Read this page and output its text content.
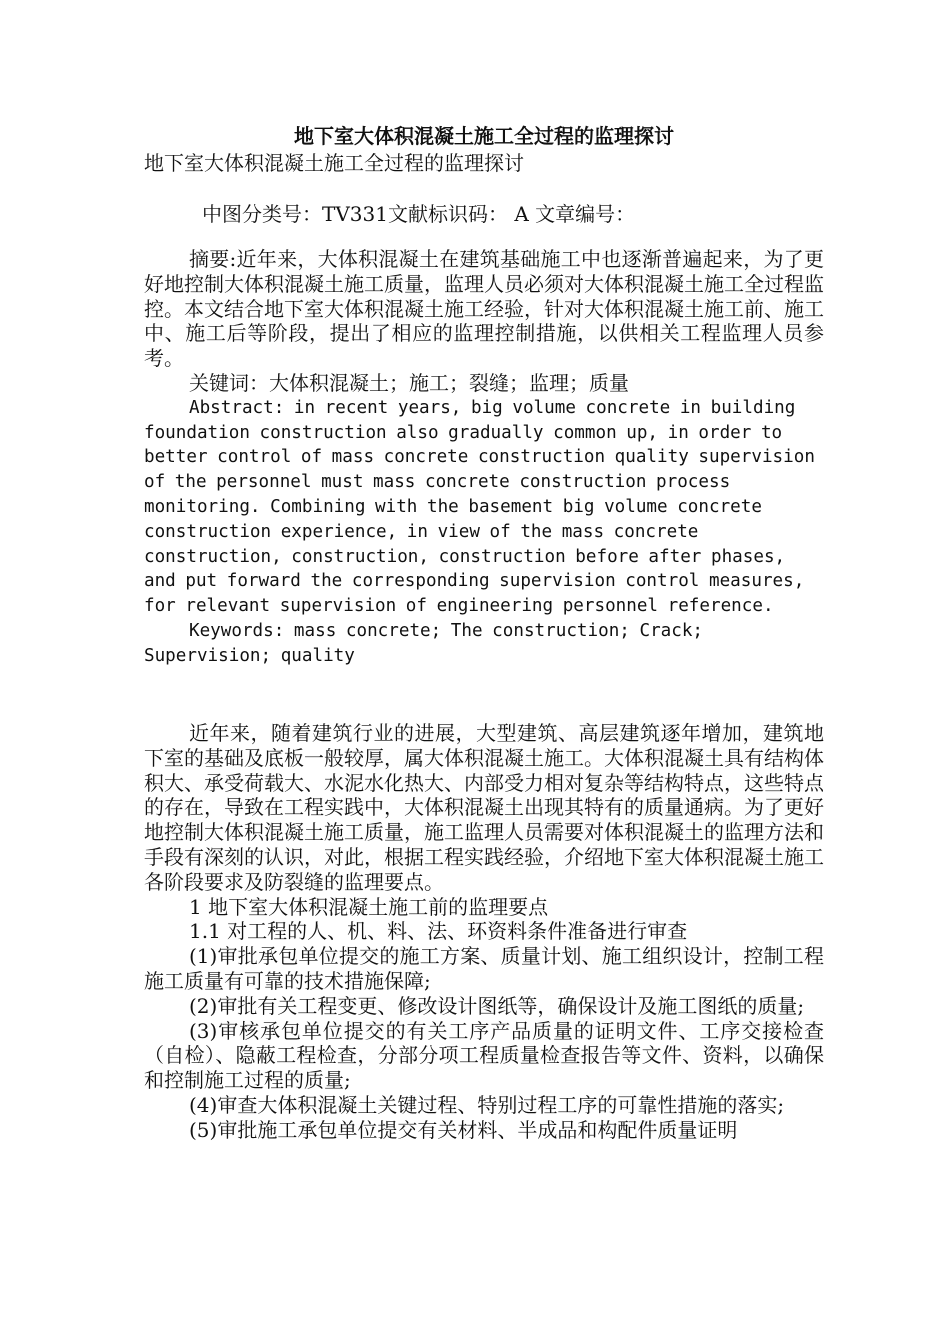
地下室大体积混凝土施工全过程的监理探讨
地下室大体积混凝土施工全过程的监理探讨
中图分类号：TV331文献标识码： A 文章编号：

摘要:近年来，大体积混凝土在建筑基础施工中也逐渐普遍起来，为了更好地控制大体积混凝土施工质量，监理人员必须对大体积混凝土施工全过程监控。本文结合地下室大体积混凝土施工经验，针对大体积混凝土施工前、施工中、施工后等阶段，提出了相应的监理控制措施，以供相关工程监理人员参考。

关键词：大体积混凝土；施工；裂缝；监理；质量

Abstract: in recent years, big volume concrete in building foundation construction also gradually common up, in order to better control of mass concrete construction quality supervision of the personnel must mass concrete construction process monitoring. Combining with the basement big volume concrete construction experience, in view of the mass concrete construction, construction, construction before after phases, and put forward the corresponding supervision control measures, for relevant supervision of engineering personnel reference.

Keywords: mass concrete; The construction; Crack; Supervision; quality

近年来，随着建筑行业的进展，大型建筑、高层建筑逐年增加，建筑地下室的基础及底板一般较厚，属大体积混凝土施工。大体积混凝土具有结构体积大、承受荷载大、水泥水化热大、内部受力相对复杂等结构特点，这些特点的存在，导致在工程实践中，大体积混凝土出现其特有的质量通病。为了更好地控制大体积混凝土施工质量，施工监理人员需要对体积混凝土的监理方法和手段有深刻的认识，对此，根据工程实践经验，介绍地下室大体积混凝土施工各阶段要求及防裂缝的监理要点。

1 地下室大体积混凝土施工前的监理要点

1.1 对工程的人、机、料、法、环资料条件准备进行审查

(1)审批承包单位提交的施工方案、质量计划、施工组织设计，控制工程施工质量有可靠的技术措施保障;

(2)审批有关工程变更、修改设计图纸等，确保设计及施工图纸的质量;

(3)审核承包单位提交的有关工序产品质量的证明文件、工序交接检查（自检）、隐蔽工程检查，分部分项工程质量检查报告等文件、资料，以确保和控制施工过程的质量;

(4)审查大体积混凝土关键过程、特别过程工序的可靠性措施的落实;

(5)审批施工承包单位提交有关材料、半成品和构配件质量证明
